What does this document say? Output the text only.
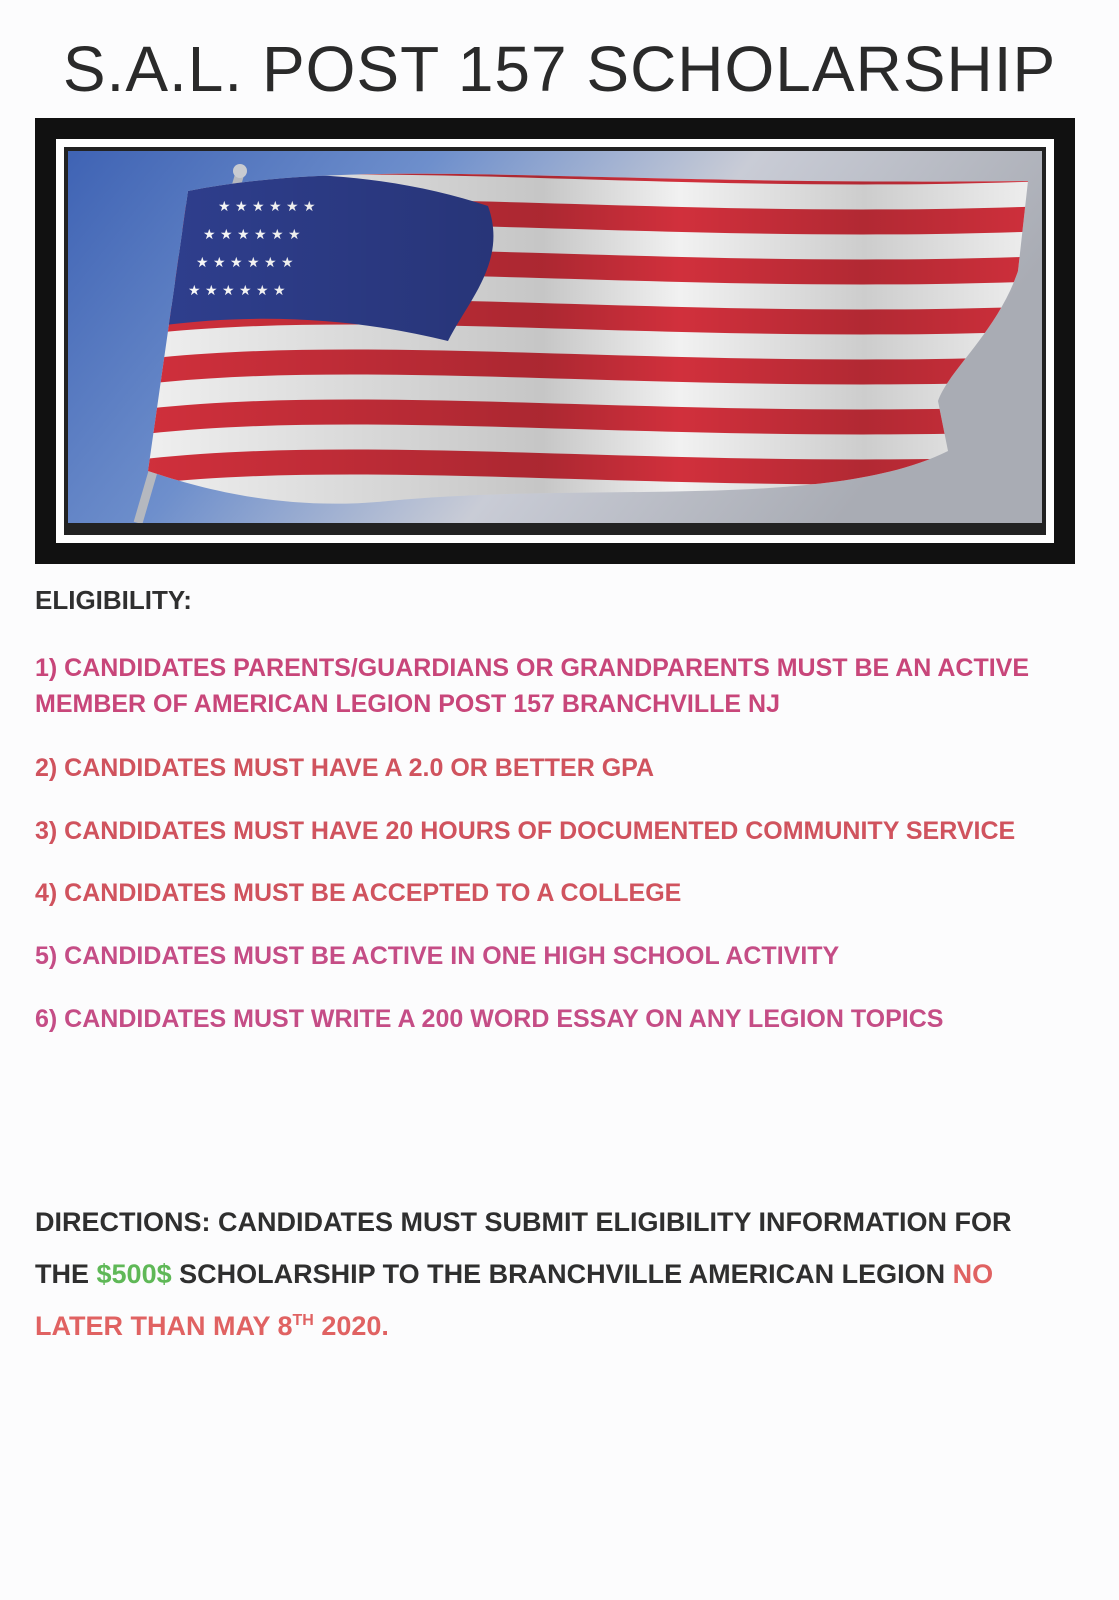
S.A.L. POST 157 SCHOLARSHIP
ELIGIBILITY:

1) CANDIDATES PARENTS/GUARDIANS OR GRANDPARENTS MUST BE AN ACTIVE MEMBER OF AMERICAN LEGION POST 157 BRANCHVILLE NJ

2) CANDIDATES MUST HAVE A 2.0 OR BETTER GPA

3) CANDIDATES MUST HAVE 20 HOURS OF DOCUMENTED COMMUNITY SERVICE

4) CANDIDATES MUST BE ACCEPTED TO A COLLEGE

5) CANDIDATES MUST BE ACTIVE IN ONE HIGH SCHOOL ACTIVITY

6) CANDIDATES MUST WRITE A 200 WORD ESSAY ON ANY LEGION TOPICS

DIRECTIONS: CANDIDATES MUST SUBMIT ELIGIBILITY INFORMATION FOR THE $500$ SCHOLARSHIP TO THE BRANCHVILLE AMERICAN LEGION NO LATER THAN MAY 8TH 2020.
